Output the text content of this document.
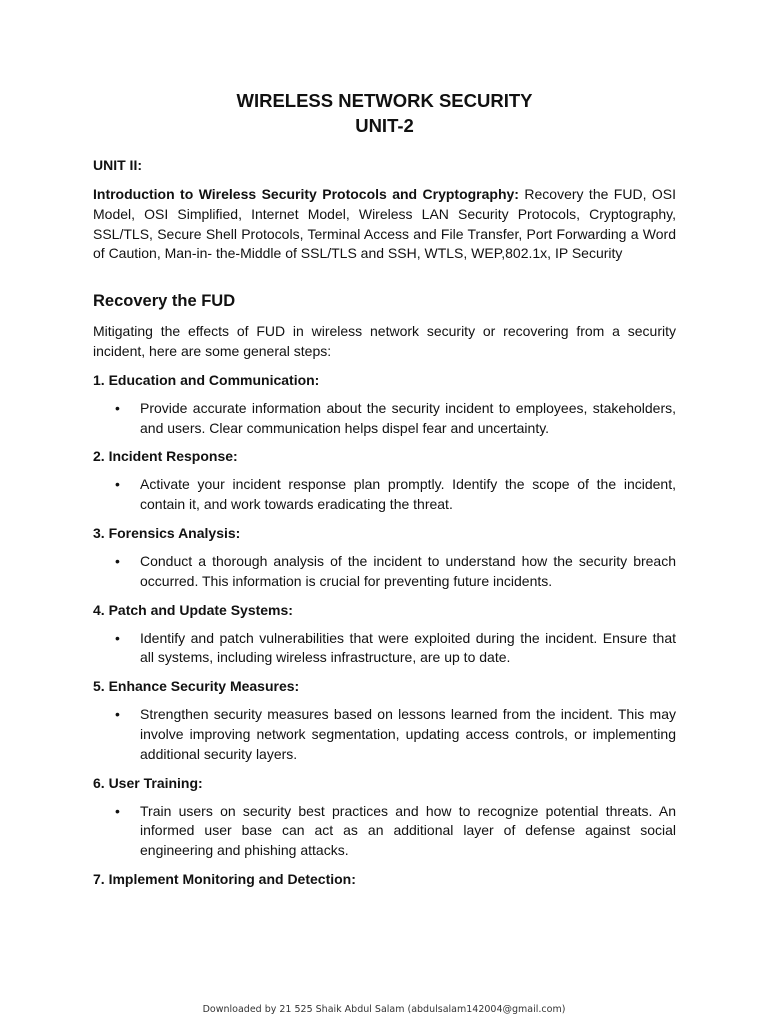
WIRELESS NETWORK SECURITY
UNIT-2
UNIT II:
Introduction to Wireless Security Protocols and Cryptography: Recovery the FUD, OSI Model, OSI Simplified, Internet Model, Wireless LAN Security Protocols, Cryptography, SSL/TLS, Secure Shell Protocols, Terminal Access and File Transfer, Port Forwarding a Word of Caution, Man-in- the-Middle of SSL/TLS and SSH, WTLS, WEP,802.1x, IP Security
Recovery the FUD
Mitigating the effects of FUD in wireless network security or recovering from a security incident, here are some general steps:
1. Education and Communication:
• Provide accurate information about the security incident to employees, stakeholders, and users. Clear communication helps dispel fear and uncertainty.
2. Incident Response:
• Activate your incident response plan promptly. Identify the scope of the incident, contain it, and work towards eradicating the threat.
3. Forensics Analysis:
• Conduct a thorough analysis of the incident to understand how the security breach occurred. This information is crucial for preventing future incidents.
4. Patch and Update Systems:
• Identify and patch vulnerabilities that were exploited during the incident. Ensure that all systems, including wireless infrastructure, are up to date.
5. Enhance Security Measures:
• Strengthen security measures based on lessons learned from the incident. This may involve improving network segmentation, updating access controls, or implementing additional security layers.
6. User Training:
• Train users on security best practices and how to recognize potential threats. An informed user base can act as an additional layer of defense against social engineering and phishing attacks.
7. Implement Monitoring and Detection:
Downloaded by 21 525 Shaik Abdul Salam (abdulsalam142004@gmail.com)
